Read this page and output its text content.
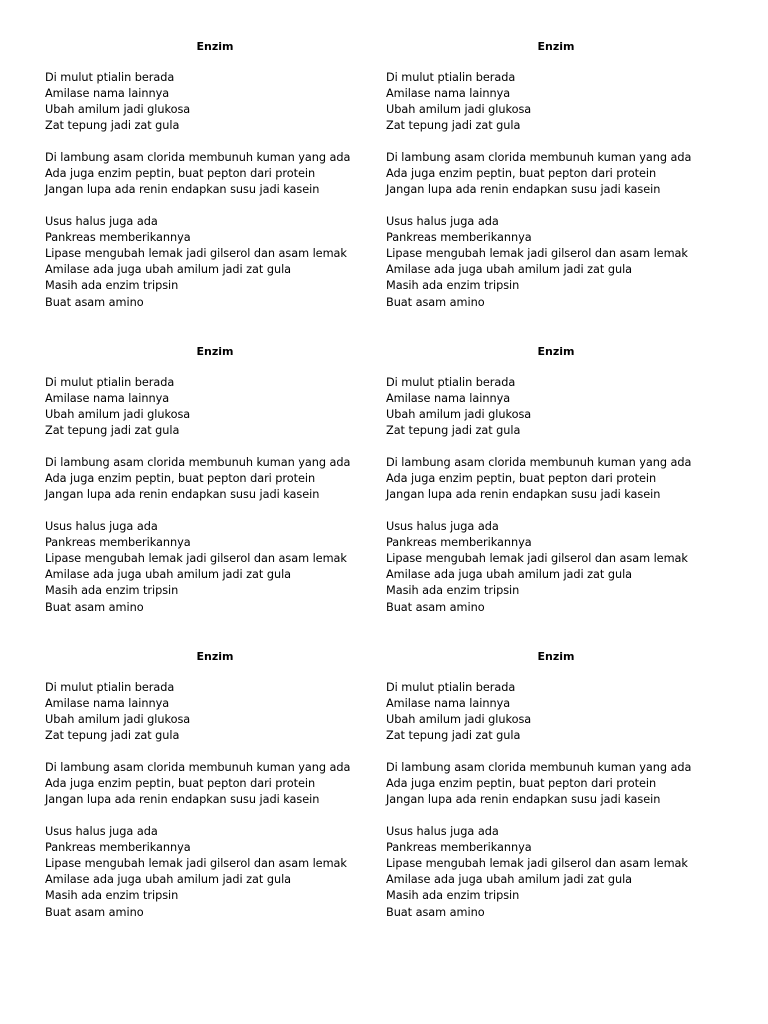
Enzim
Di mulut ptialin berada
Amilase nama lainnya
Ubah amilum jadi glukosa
Zat tepung jadi zat gula
Di lambung asam clorida membunuh kuman yang ada
Ada juga enzim peptin, buat pepton dari protein
Jangan lupa ada renin endapkan susu jadi kasein
Usus halus juga ada
Pankreas memberikannya
Lipase mengubah lemak jadi gilserol dan asam lemak
Amilase ada juga ubah amilum jadi zat gula
Masih ada enzim tripsin
Buat asam amino
Enzim
Di mulut ptialin berada
Amilase nama lainnya
Ubah amilum jadi glukosa
Zat tepung jadi zat gula
Di lambung asam clorida membunuh kuman yang ada
Ada juga enzim peptin, buat pepton dari protein
Jangan lupa ada renin endapkan susu jadi kasein
Usus halus juga ada
Pankreas memberikannya
Lipase mengubah lemak jadi gilserol dan asam lemak
Amilase ada juga ubah amilum jadi zat gula
Masih ada enzim tripsin
Buat asam amino
Enzim
Di mulut ptialin berada
Amilase nama lainnya
Ubah amilum jadi glukosa
Zat tepung jadi zat gula
Di lambung asam clorida membunuh kuman yang ada
Ada juga enzim peptin, buat pepton dari protein
Jangan lupa ada renin endapkan susu jadi kasein
Usus halus juga ada
Pankreas memberikannya
Lipase mengubah lemak jadi gilserol dan asam lemak
Amilase ada juga ubah amilum jadi zat gula
Masih ada enzim tripsin
Buat asam amino
Enzim
Di mulut ptialin berada
Amilase nama lainnya
Ubah amilum jadi glukosa
Zat tepung jadi zat gula
Di lambung asam clorida membunuh kuman yang ada
Ada juga enzim peptin, buat pepton dari protein
Jangan lupa ada renin endapkan susu jadi kasein
Usus halus juga ada
Pankreas memberikannya
Lipase mengubah lemak jadi gilserol dan asam lemak
Amilase ada juga ubah amilum jadi zat gula
Masih ada enzim tripsin
Buat asam amino
Enzim
Di mulut ptialin berada
Amilase nama lainnya
Ubah amilum jadi glukosa
Zat tepung jadi zat gula
Di lambung asam clorida membunuh kuman yang ada
Ada juga enzim peptin, buat pepton dari protein
Jangan lupa ada renin endapkan susu jadi kasein
Usus halus juga ada
Pankreas memberikannya
Lipase mengubah lemak jadi gilserol dan asam lemak
Amilase ada juga ubah amilum jadi zat gula
Masih ada enzim tripsin
Buat asam amino
Enzim
Di mulut ptialin berada
Amilase nama lainnya
Ubah amilum jadi glukosa
Zat tepung jadi zat gula
Di lambung asam clorida membunuh kuman yang ada
Ada juga enzim peptin, buat pepton dari protein
Jangan lupa ada renin endapkan susu jadi kasein
Usus halus juga ada
Pankreas memberikannya
Lipase mengubah lemak jadi gilserol dan asam lemak
Amilase ada juga ubah amilum jadi zat gula
Masih ada enzim tripsin
Buat asam amino
